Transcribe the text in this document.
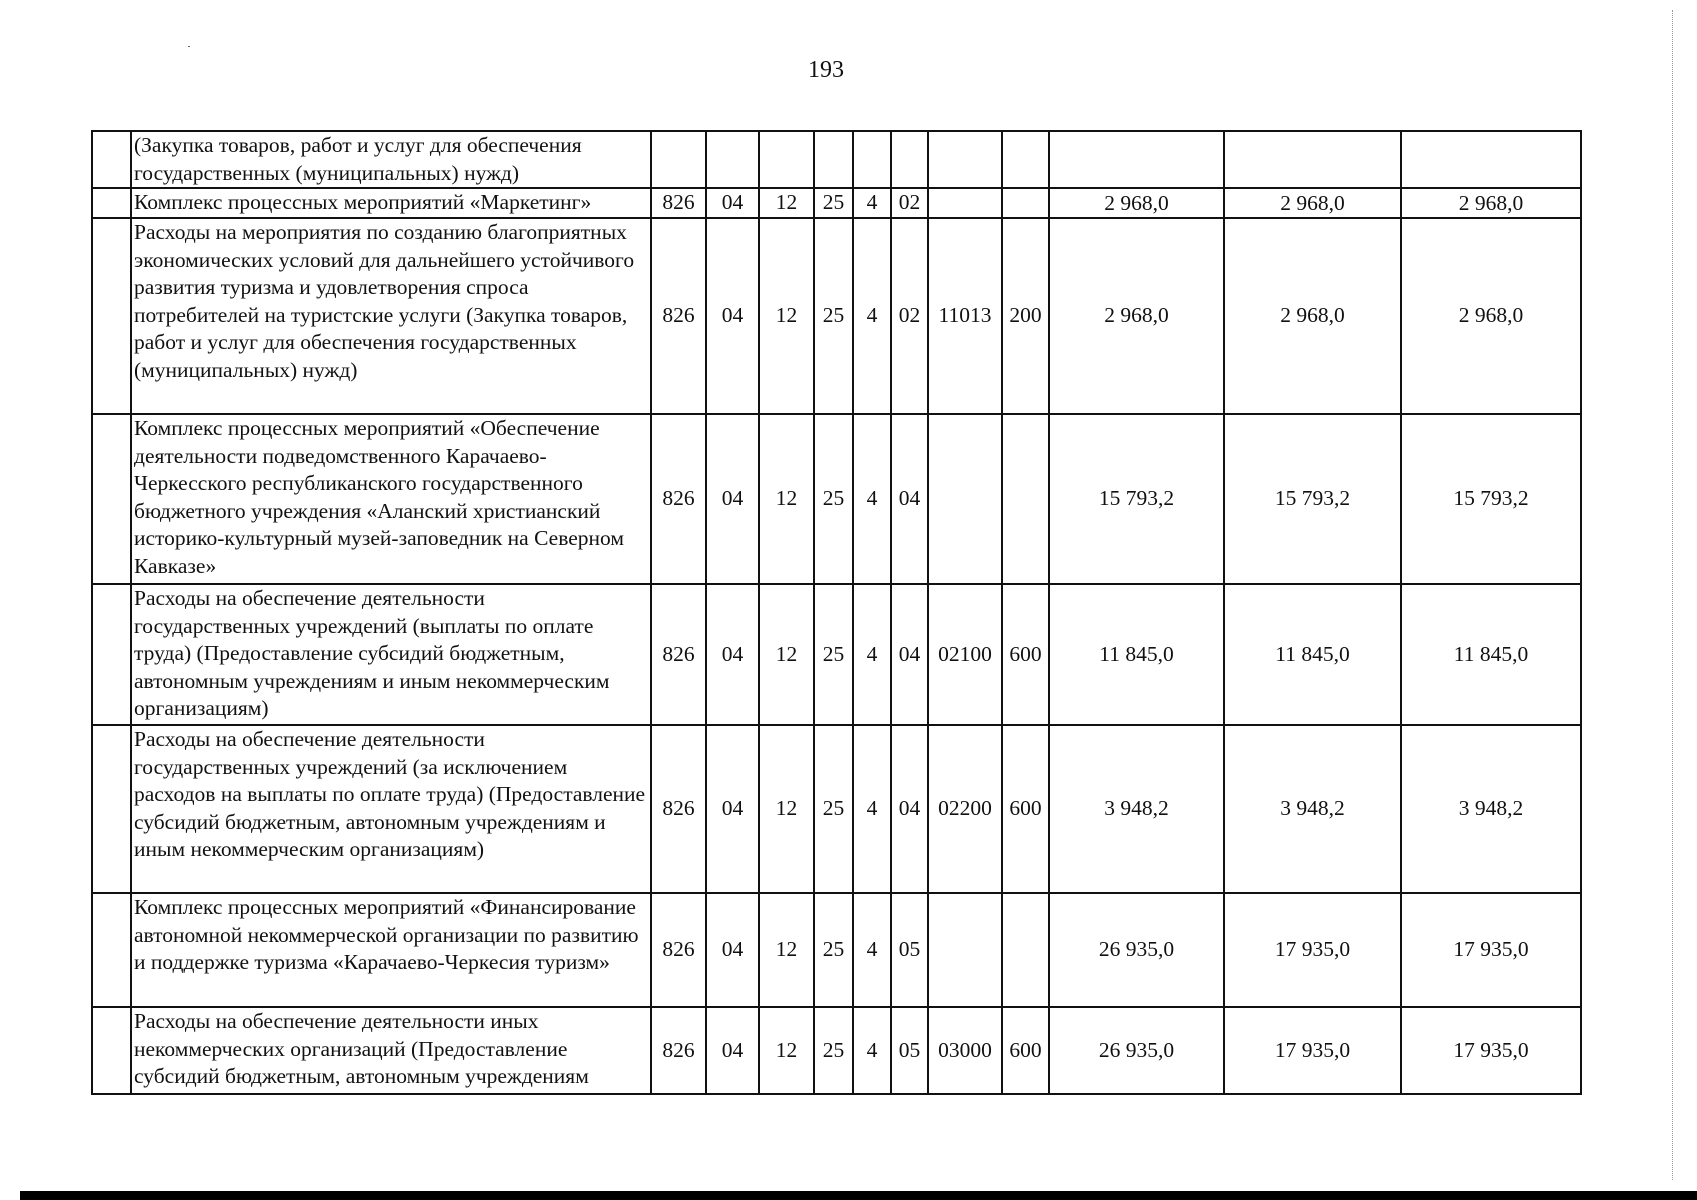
193
	(Закупка товаров, работ и услуг для обеспечения государственных (муниципальных) нужд)											
	Комплекс процессных мероприятий «Маркетинг»	826	04	12	25	4	02			2 968,0	2 968,0	2 968,0
	Расходы на мероприятия по созданию благоприятных экономических условий для дальнейшего устойчивого развития туризма и удовлетворения спроса потребителей на туристские услуги (Закупка товаров, работ и услуг для обеспечения государственных (муниципальных) нужд)	826	04	12	25	4	02	11013	200	2 968,0	2 968,0	2 968,0
	Комплекс процессных мероприятий «Обеспечение деятельности подведомственного Карачаево-Черкесского республиканского государственного бюджетного учреждения «Аланский христианский историко-культурный музей-заповедник на Северном Кавказе»	826	04	12	25	4	04			15 793,2	15 793,2	15 793,2
	Расходы на обеспечение деятельности государственных учреждений (выплаты по оплате труда) (Предоставление субсидий бюджетным, автономным учреждениям и иным некоммерческим организациям)	826	04	12	25	4	04	02100	600	11 845,0	11 845,0	11 845,0
	Расходы на обеспечение деятельности государственных учреждений (за исключением расходов на выплаты по оплате труда) (Предоставление субсидий бюджетным, автономным учреждениям и иным некоммерческим организациям)	826	04	12	25	4	04	02200	600	3 948,2	3 948,2	3 948,2
	Комплекс процессных мероприятий «Финансирование автономной некоммерческой организации по развитию и поддержке туризма «Карачаево-Черкесия туризм»	826	04	12	25	4	05			26 935,0	17 935,0	17 935,0
	Расходы на обеспечение деятельности иных некоммерческих организаций (Предоставление субсидий бюджетным, автономным учреждениям	826	04	12	25	4	05	03000	600	26 935,0	17 935,0	17 935,0
